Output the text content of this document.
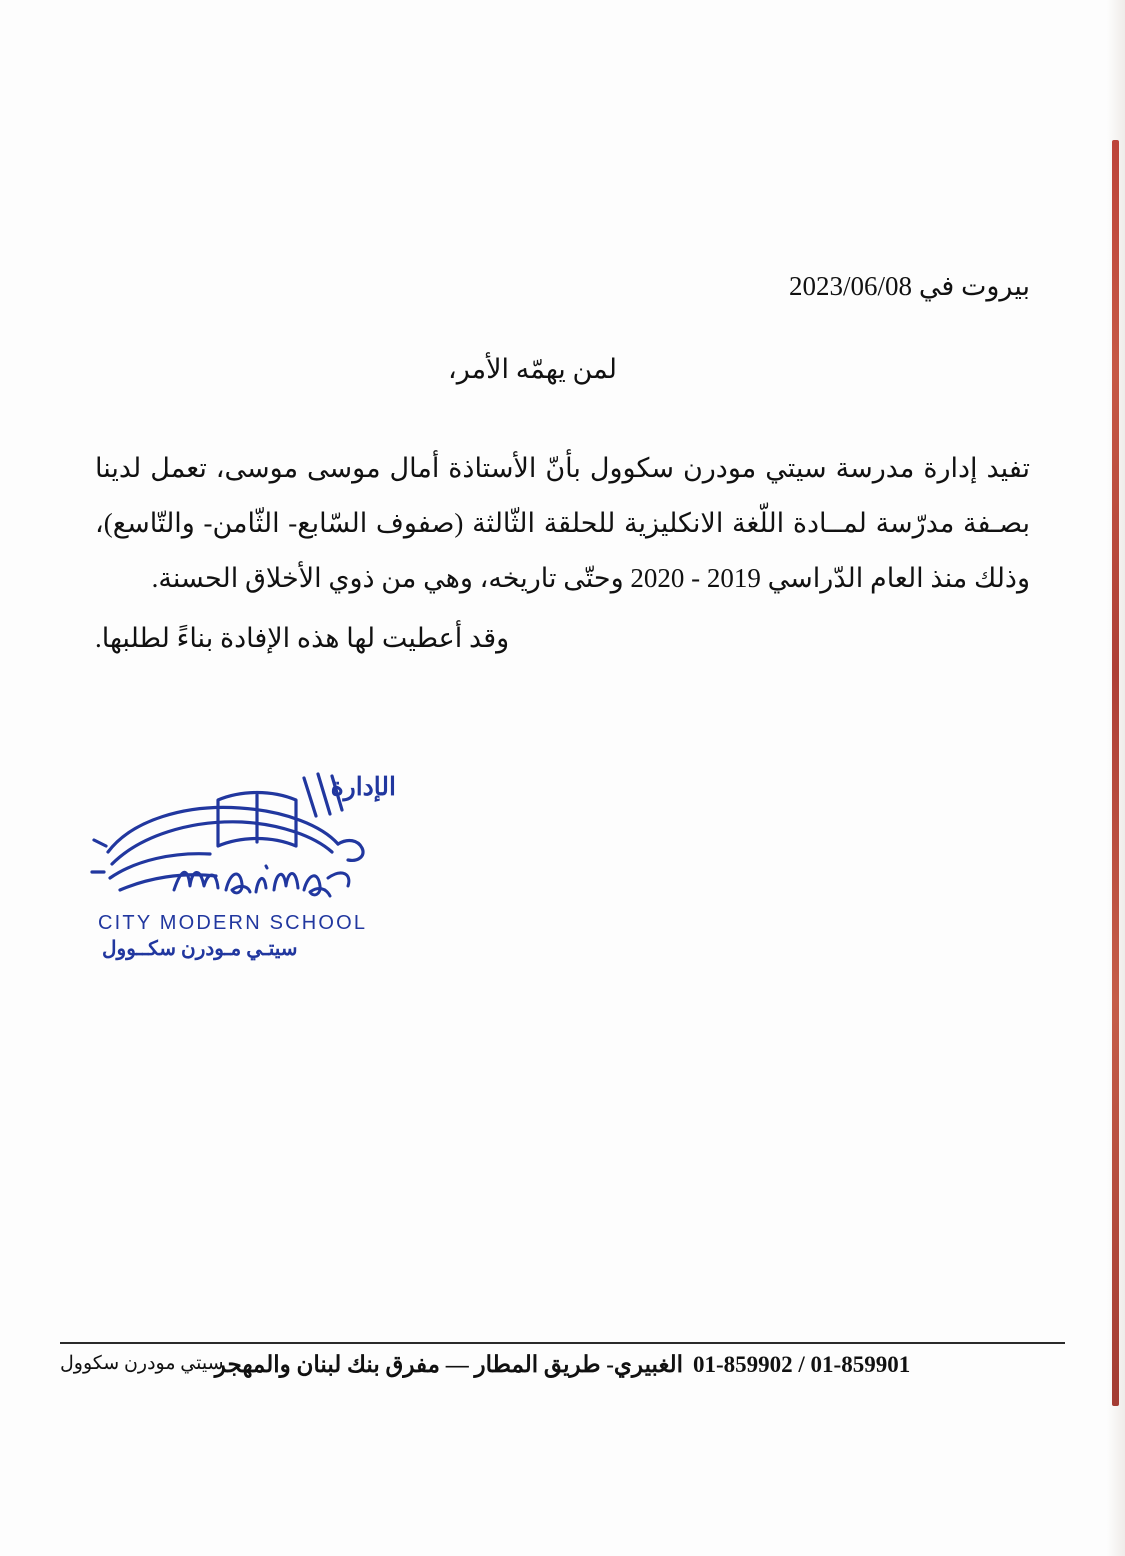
بيروت في 2023/06/08
لمن يهمّه الأمر،

تفيد إدارة مدرسة سيتي مودرن سكوول بأنّ الأستاذة أمال موسى موسى، تعمل لدينا بصـفة مدرّسة لمــادة اللّغة الانكليزية للحلقة الثّالثة (صفوف السّابع- الثّامن- والتّاسع)، وذلك منذ العام الدّراسي 2019 - 2020 وحتّى تاريخه، وهي من ذوي الأخلاق الحسنة.

وقد أعطيت لها هذه الإفادة بناءً لطلبها.

الإدارة
CITY MODERN SCHOOL
سيتـي مـودرن سكــوول
الغبيري- طريق المطار — مفرق بنك لبنان والمهجر 01-859902 / 01-859901
سيتي مودرن سكوول
